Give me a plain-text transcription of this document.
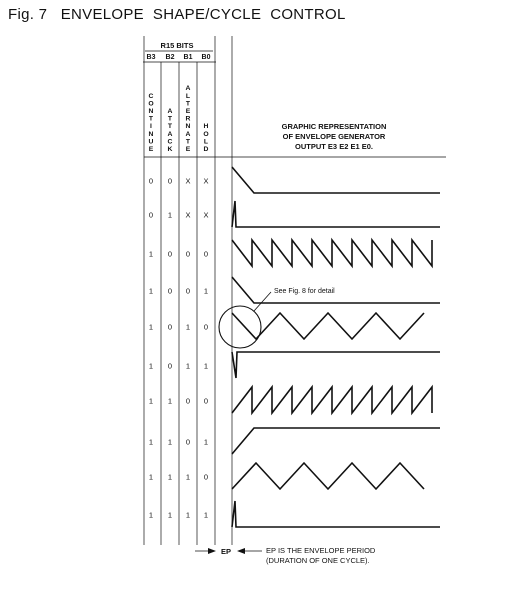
Fig. 7   ENVELOPE  SHAPE/CYCLE  CONTROL
R15 BITS
B3 B2 B1 B0
C
O
N
T
I
N
U
E
A
T
T
A
C
K
A
L
T
E
R
N
A
T
E
H
O
L
D
GRAPHIC REPRESENTATION
OF ENVELOPE GENERATOR
OUTPUT E3 E2 E1 E0.
0 0 X X
0 1 X X
1 0 0 0
1 0 0 1
1 0 1 0
1 0 1 1
1 1 0 0
1 1 0 1
1 1 1 0
1 1 1 1
See Fig. 8 for detail
EP	EP IS THE ENVELOPE PERIOD
(DURATION OF ONE CYCLE).
